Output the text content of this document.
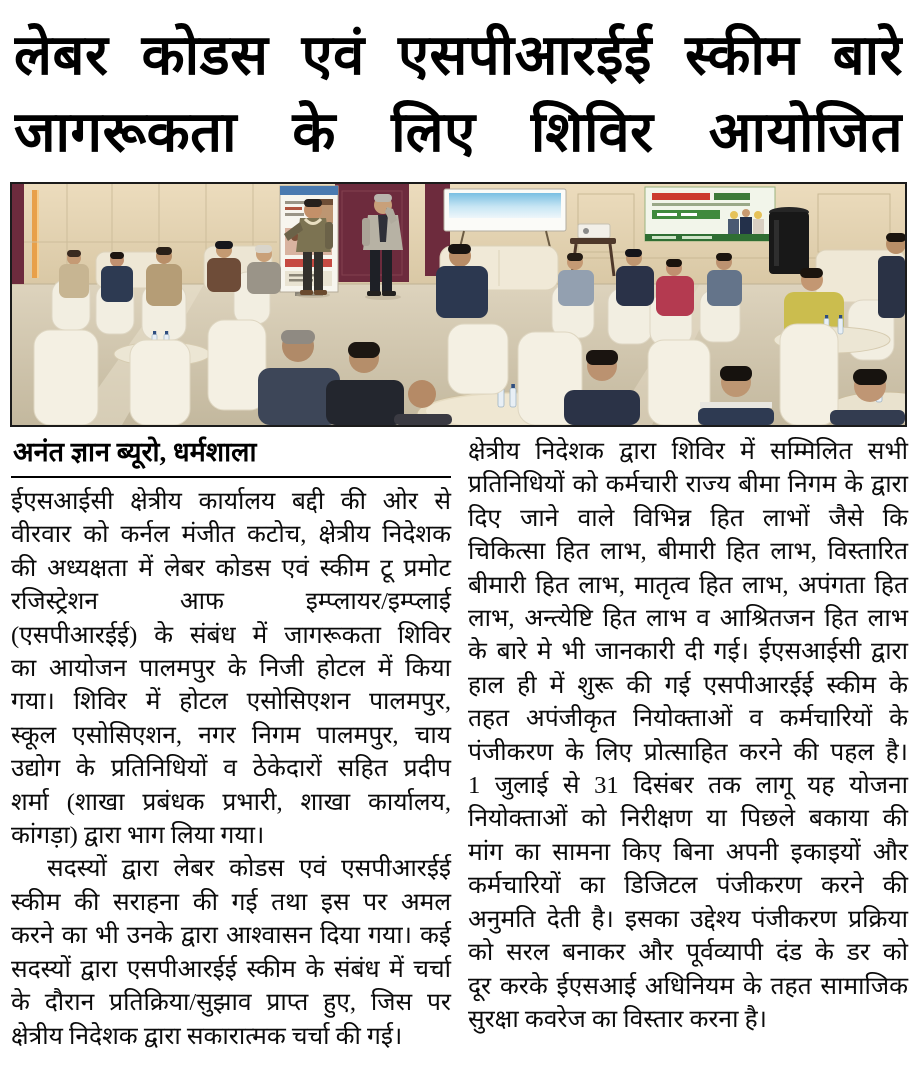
लेबर कोडस एवं एसपीआरईई स्कीम बारे
जागरूकता के लिए शिविर आयोजित
अनंत ज्ञान ब्यूरो, धर्मशाला
ईएसआईसी क्षेत्रीय कार्यालय बद्दी की ओर से
वीरवार को कर्नल मंजीत कटोच, क्षेत्रीय निदेशक
की अध्यक्षता में लेबर कोडस एवं स्कीम टू प्रमोट
रजिस्ट्रेशन आफ इम्प्लायर/इम्प्लाई
(एसपीआरईई) के संबंध में जागरूकता शिविर
का आयोजन पालमपुर के निजी होटल में किया
गया। शिविर में होटल एसोसिएशन पालमपुर,
स्कूल एसोसिएशन, नगर निगम पालमपुर, चाय
उद्योग के प्रतिनिधियों व ठेकेदारों सहित प्रदीप
शर्मा (शाखा प्रबंधक प्रभारी, शाखा कार्यालय,
कांगड़ा) द्वारा भाग लिया गया।
सदस्यों द्वारा लेबर कोडस एवं एसपीआरईई
स्कीम की सराहना की गई तथा इस पर अमल
करने का भी उनके द्वारा आश्वासन दिया गया। कई
सदस्यों द्वारा एसपीआरईई स्कीम के संबंध में चर्चा
के दौरान प्रतिक्रिया/सुझाव प्राप्त हुए, जिस पर
क्षेत्रीय निदेशक द्वारा सकारात्मक चर्चा की गई।
क्षेत्रीय निदेशक द्वारा शिविर में सम्मिलित सभी
प्रतिनिधियों को कर्मचारी राज्य बीमा निगम के द्वारा
दिए जाने वाले विभिन्न हित लाभों जैसे कि
चिकित्सा हित लाभ, बीमारी हित लाभ, विस्तारित
बीमारी हित लाभ, मातृत्व हित लाभ, अपंगता हित
लाभ, अन्त्येष्टि हित लाभ व आश्रितजन हित लाभ
के बारे मे भी जानकारी दी गई। ईएसआईसी द्वारा
हाल ही में शुरू की गई एसपीआरईई स्कीम के
तहत अपंजीकृत नियोक्ताओं व कर्मचारियों के
पंजीकरण के लिए प्रोत्साहित करने की पहल है।
1 जुलाई से 31 दिसंबर तक लागू यह योजना
नियोक्ताओं को निरीक्षण या पिछले बकाया की
मांग का सामना किए बिना अपनी इकाइयों और
कर्मचारियों का डिजिटल पंजीकरण करने की
अनुमति देती है। इसका उद्देश्य पंजीकरण प्रक्रिया
को सरल बनाकर और पूर्वव्यापी दंड के डर को
दूर करके ईएसआई अधिनियम के तहत सामाजिक
सुरक्षा कवरेज का विस्तार करना है।
